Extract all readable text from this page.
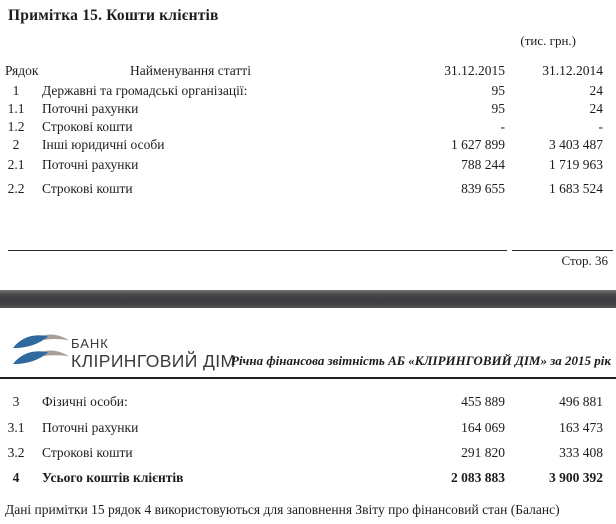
Примітка 15. Кошти клієнтів
(тис. грн.)
Рядок	Найменування статті	31.12.2015	31.12.2014
1	Державні та громадські організації:	95	24
1.1	Поточні рахунки	95	24
1.2	Строкові кошти	-	-
2	Інші юридичні особи	1 627 899	3 403 487
2.1	Поточні рахунки	788 244	1 719 963
2.2	Строкові кошти	839 655	1 683 524
Стор. 36
БАНК
КЛІРИНГОВИЙ ДІМ
Річна фінансова звітність АБ «КЛІРИНГОВИЙ ДІМ» за 2015 рік
3	Фізичні особи:	455 889	496 881
3.1	Поточні рахунки	164 069	163 473
3.2	Строкові кошти	291 820	333 408
4	Усього коштів клієнтів	2 083 883	3 900 392
Дані примітки 15 рядок 4 використовуються для заповнення Звіту про фінансовий стан (Баланс)
